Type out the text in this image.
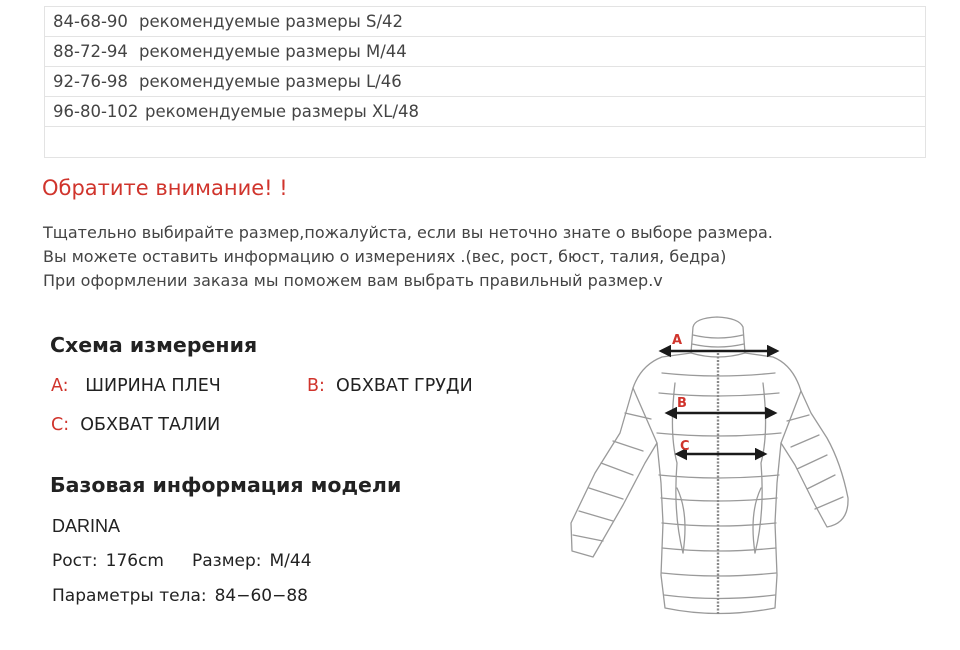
84-68-90 рекомендуемые размеры S/42
88-72-94 рекомендуемые размеры M/44
92-76-98 рекомендуемые размеры L/46
96-80-102 рекомендуемые размеры XL/48

Обратите внимание! !
Тщательно выбирайте размер,пожалуйста, если вы неточно знате о выборе размера.
Вы можете оставить информацию о измерениях .(вес, рост, бюст, талия, бедра)
При оформлении заказа мы поможем вам выбрать правильный размер.v
Схема измерения
A: ШИРИНА ПЛЕЧ	B: ОБХВАТ ГРУДИ
C: ОБХВАТ ТАЛИИ
Базовая информация модели
DARINA
Рост: 176cm Размер: M/44
Параметры тела: 84−60−88
A
B
C
